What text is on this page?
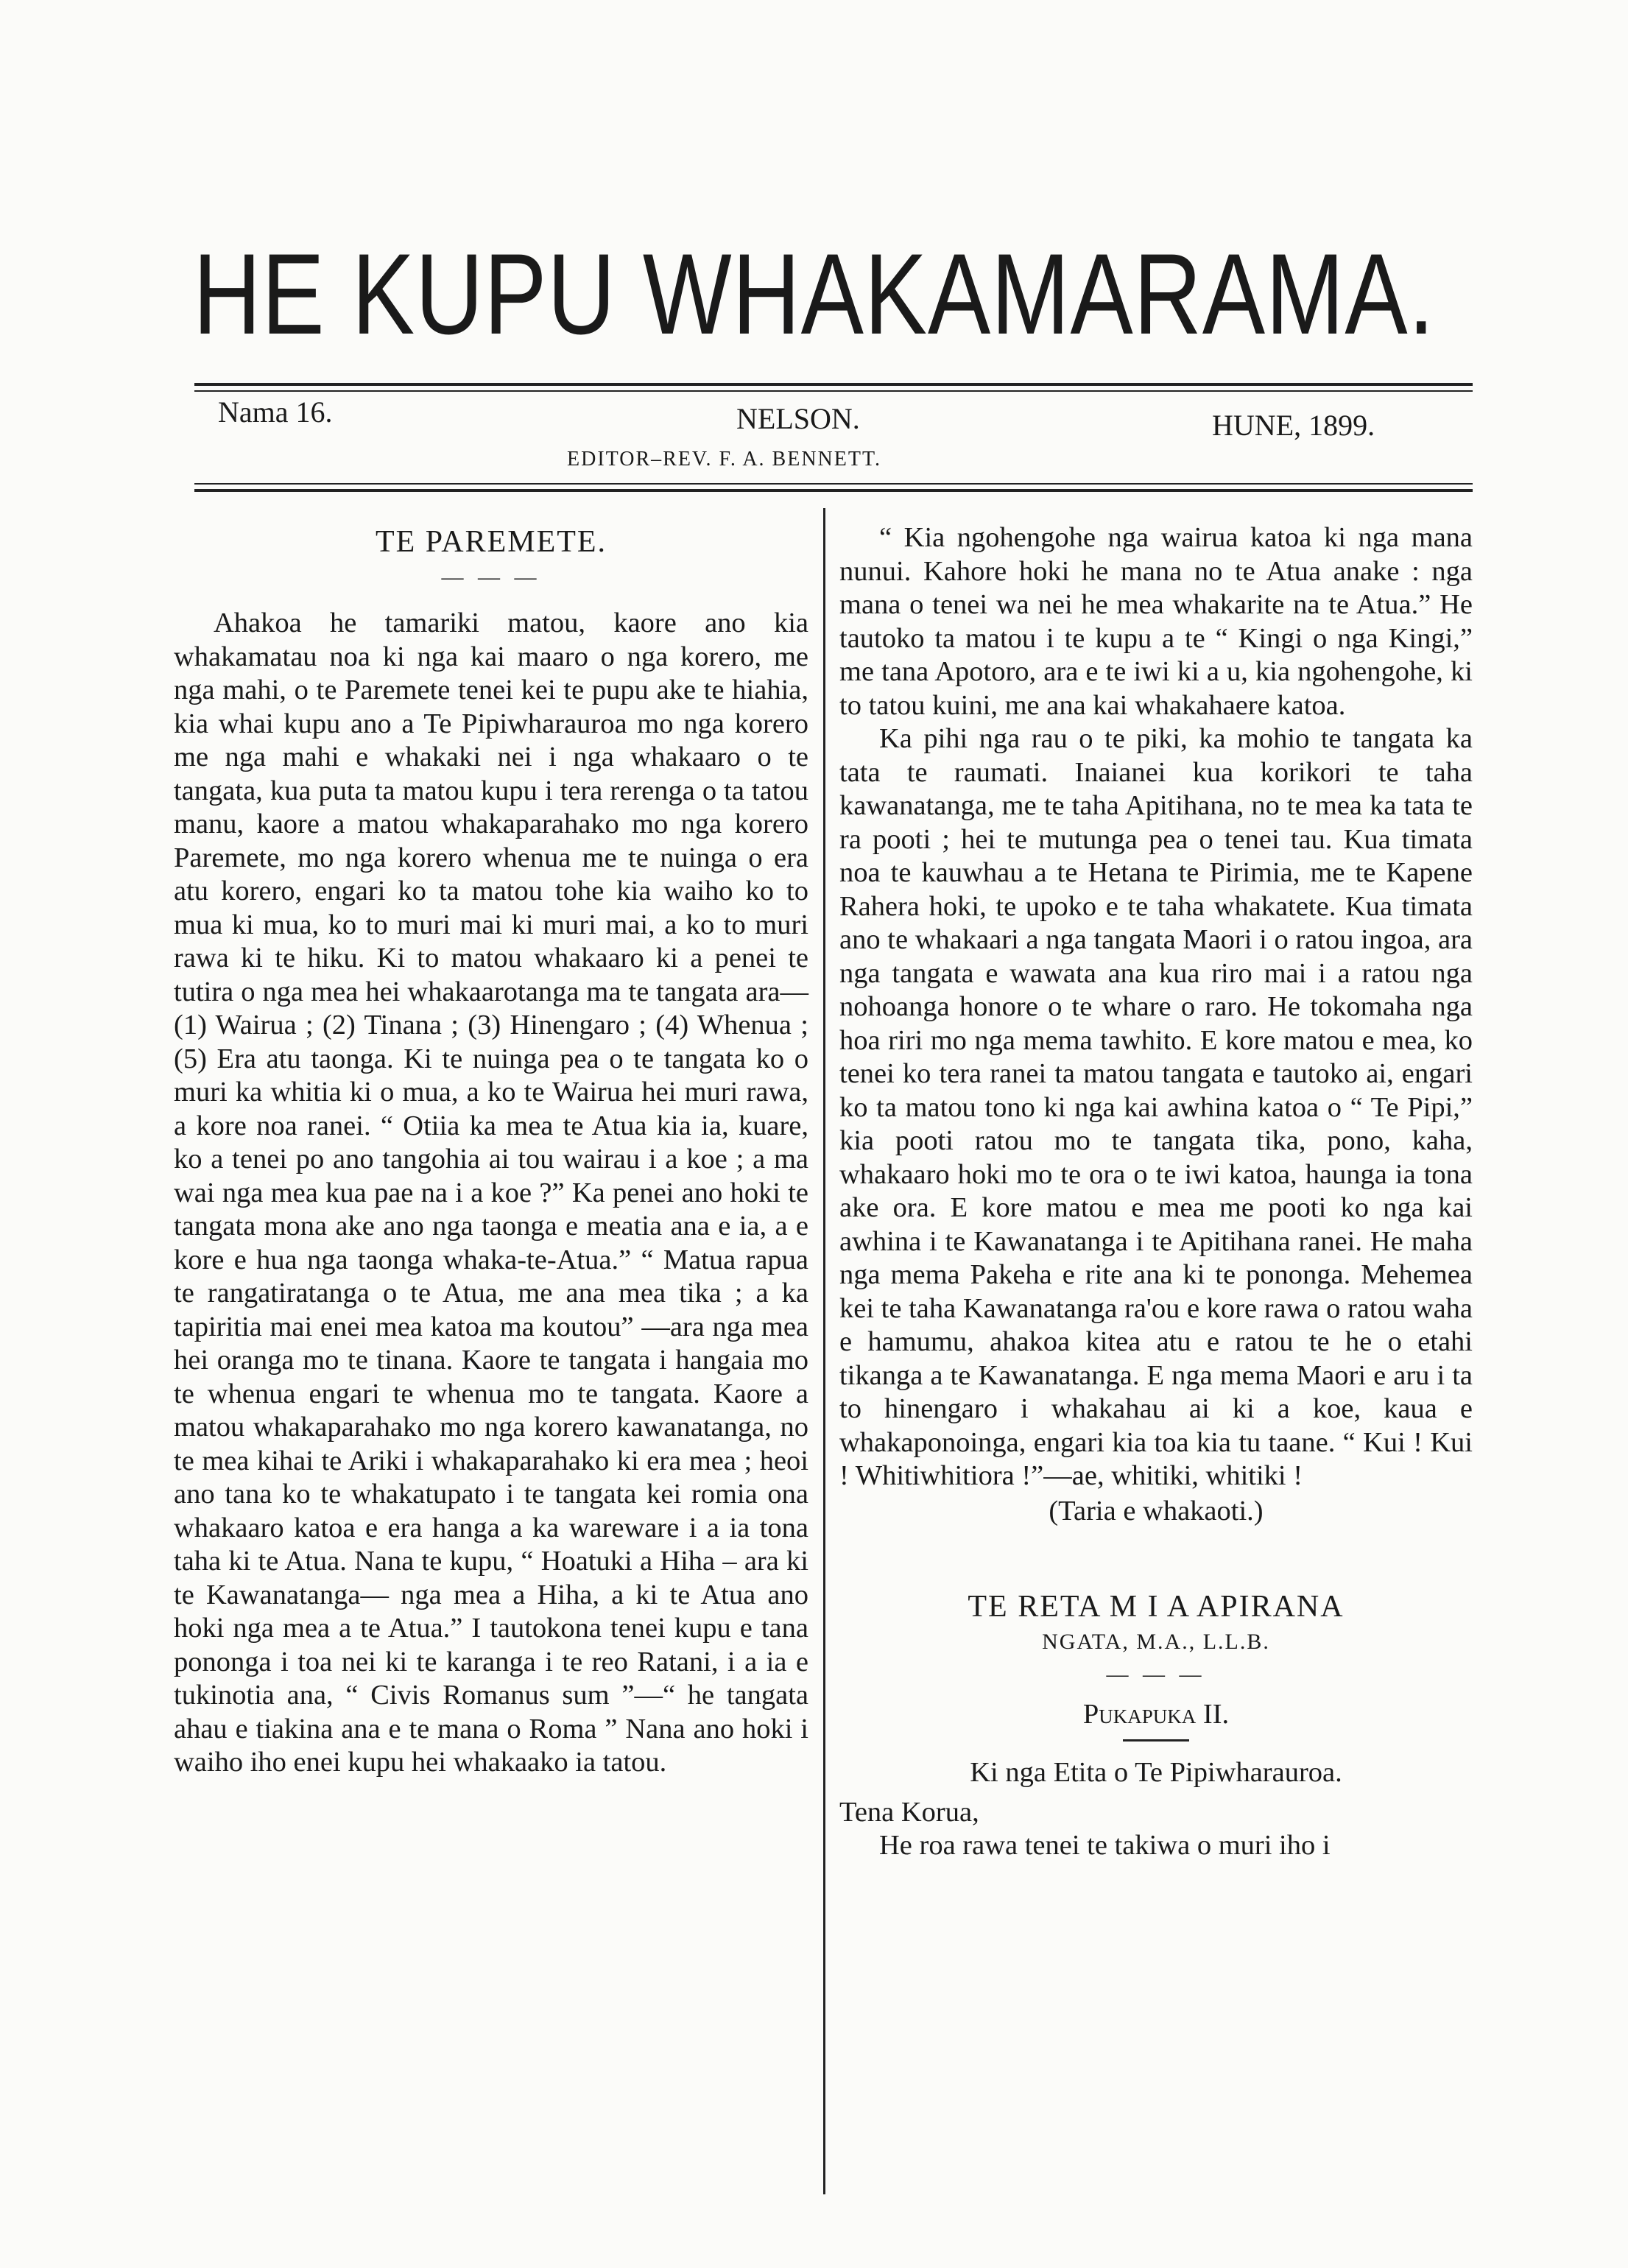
HE KUPU WHAKAMARAMA.
Nama 16.	NELSON.	HUNE, 1899.
EDITOR–REV. F. A. BENNETT.
TE PAREMETE.
— — —

Ahakoa he tamariki matou, kaore ano kia whakamatau noa ki nga kai maaro o nga korero, me nga mahi, o te Paremete tenei kei te pupu ake te hiahia, kia whai kupu ano a Te Pipiwharauroa mo nga korero me nga mahi e whakaki nei i nga whakaaro o te tangata, kua puta ta matou kupu i tera rerenga o ta tatou manu, kaore a matou whakaparahako mo nga korero Paremete, mo nga korero whenua me te nuinga o era atu korero, engari ko ta matou tohe kia waiho ko to mua ki mua, ko to muri mai ki muri mai, a ko to muri rawa ki te hiku. Ki to matou whakaaro ki a penei te tutira o nga mea hei whakaarotanga ma te tangata ara—(1) Wairua ; (2) Tinana ; (3) Hinengaro ; (4) Whenua ; (5) Era atu taonga. Ki te nuinga pea o te tangata ko o muri ka whitia ki o mua, a ko te Wairua hei muri rawa, a kore noa ranei. “ Otiia ka mea te Atua kia ia, kuare, ko a tenei po ano tangohia ai tou wairau i a koe ; a ma wai nga mea kua pae na i a koe ?” Ka penei ano hoki te tangata mona ake ano nga taonga e meatia ana e ia, a e kore e hua nga taonga whaka-te-Atua.” “ Matua rapua te rangatiratanga o te Atua, me ana mea tika ; a ka tapiritia mai enei mea katoa ma koutou” —ara nga mea hei oranga mo te tinana. Kaore te tangata i hangaia mo te whenua engari te whenua mo te tangata. Kaore a matou whakaparahako mo nga korero kawanatanga, no te mea kihai te Ariki i whakaparahako ki era mea ; heoi ano tana ko te whakatupato i te tangata kei romia ona whakaaro katoa e era hanga a ka wareware i a ia tona taha ki te Atua. Nana te kupu, “ Hoatuki a Hiha – ara ki te Kawanatanga— nga mea a Hiha, a ki te Atua ano hoki nga mea a te Atua.” I tautokona tenei kupu e tana pononga i toa nei ki te karanga i te reo Ratani, i a ia e tukinotia ana, “ Civis Romanus sum ”—“ he tangata ahau e tiakina ana e te mana o Roma ” Nana ano hoki i waiho iho enei kupu hei whakaako ia tatou.

“ Kia ngohengohe nga wairua katoa ki nga mana nunui. Kahore hoki he mana no te Atua anake : nga mana o tenei wa nei he mea whakarite na te Atua.” He tautoko ta matou i te kupu a te “ Kingi o nga Kingi,” me tana Apotoro, ara e te iwi ki a u, kia ngohengohe, ki to tatou kuini, me ana kai whakahaere katoa.

Ka pihi nga rau o te piki, ka mohio te tangata ka tata te raumati. Inaianei kua korikori te taha kawanatanga, me te taha Apitihana, no te mea ka tata te ra pooti ; hei te mutunga pea o tenei tau. Kua timata noa te kauwhau a te Hetana te Pirimia, me te Kapene Rahera hoki, te upoko e te taha whakatete. Kua timata ano te whakaari a nga tangata Maori i o ratou ingoa, ara nga tangata e wawata ana kua riro mai i a ratou nga nohoanga honore o te whare o raro. He tokomaha nga hoa riri mo nga mema tawhito. E kore matou e mea, ko tenei ko tera ranei ta matou tangata e tautoko ai, engari ko ta matou tono ki nga kai awhina katoa o “ Te Pipi,” kia pooti ratou mo te tangata tika, pono, kaha, whakaaro hoki mo te ora o te iwi katoa, haunga ia tona ake ora. E kore matou e mea me pooti ko nga kai awhina i te Kawanatanga i te Apitihana ranei. He maha nga mema Pakeha e rite ana ki te pononga. Mehemea kei te taha Kawanatanga ra'ou e kore rawa o ratou waha e hamumu, ahakoa kitea atu e ratou te he o etahi tikanga a te Kawanatanga. E nga mema Maori e aru i ta to hinengaro i whakahau ai ki a koe, kaua e whakaponoinga, engari kia toa kia tu taane. “ Kui ! Kui ! Whitiwhitiora !”—ae, whitiki, whitiki !

(Taria e whakaoti.)
TE RETA M I A APIRANA
NGATA, M.A., L.L.B.
— — —
Pukapuka II.
Ki nga Etita o Te Pipiwharauroa.

Tena Korua,

He roa rawa tenei te takiwa o muri iho i
